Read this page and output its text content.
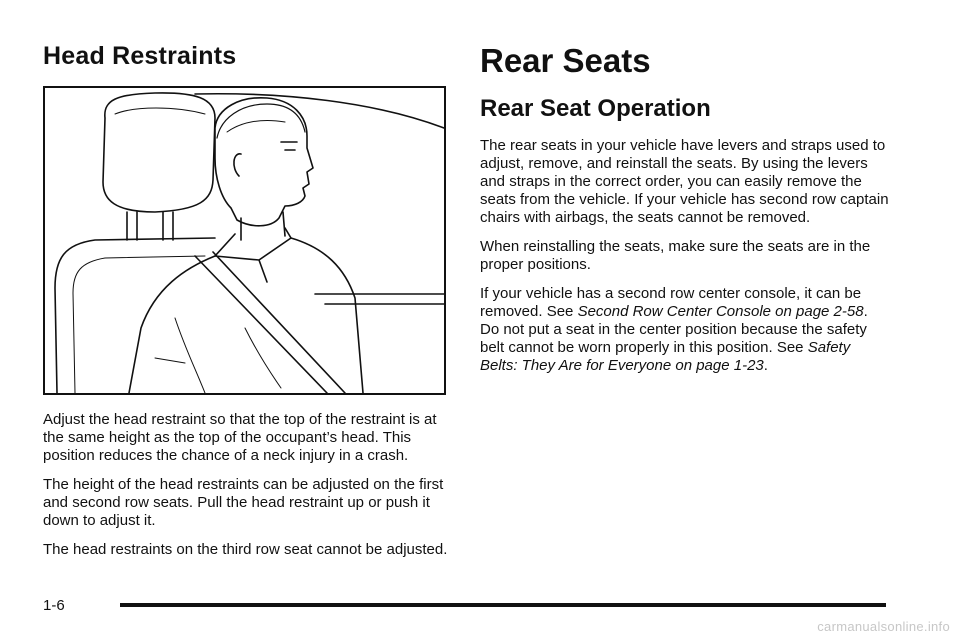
Head Restraints

Adjust the head restraint so that the top of the restraint is at the same height as the top of the occupant’s head. This position reduces the chance of a neck injury in a crash.

The height of the head restraints can be adjusted on the first and second row seats. Pull the head restraint up or push it down to adjust it.

The head restraints on the third row seat cannot be adjusted.

Rear Seats
Rear Seat Operation

The rear seats in your vehicle have levers and straps used to adjust, remove, and reinstall the seats. By using the levers and straps in the correct order, you can easily remove the seats from the vehicle. If your vehicle has second row captain chairs with airbags, the seats cannot be removed.

When reinstalling the seats, make sure the seats are in the proper positions.

If your vehicle has a second row center console, it can be removed. See Second Row Center Console on page 2-58. Do not put a seat in the center position because the safety belt cannot be worn properly in this position. See Safety Belts: They Are for Everyone on page 1-23.

1-6
carmanualsonline.info
